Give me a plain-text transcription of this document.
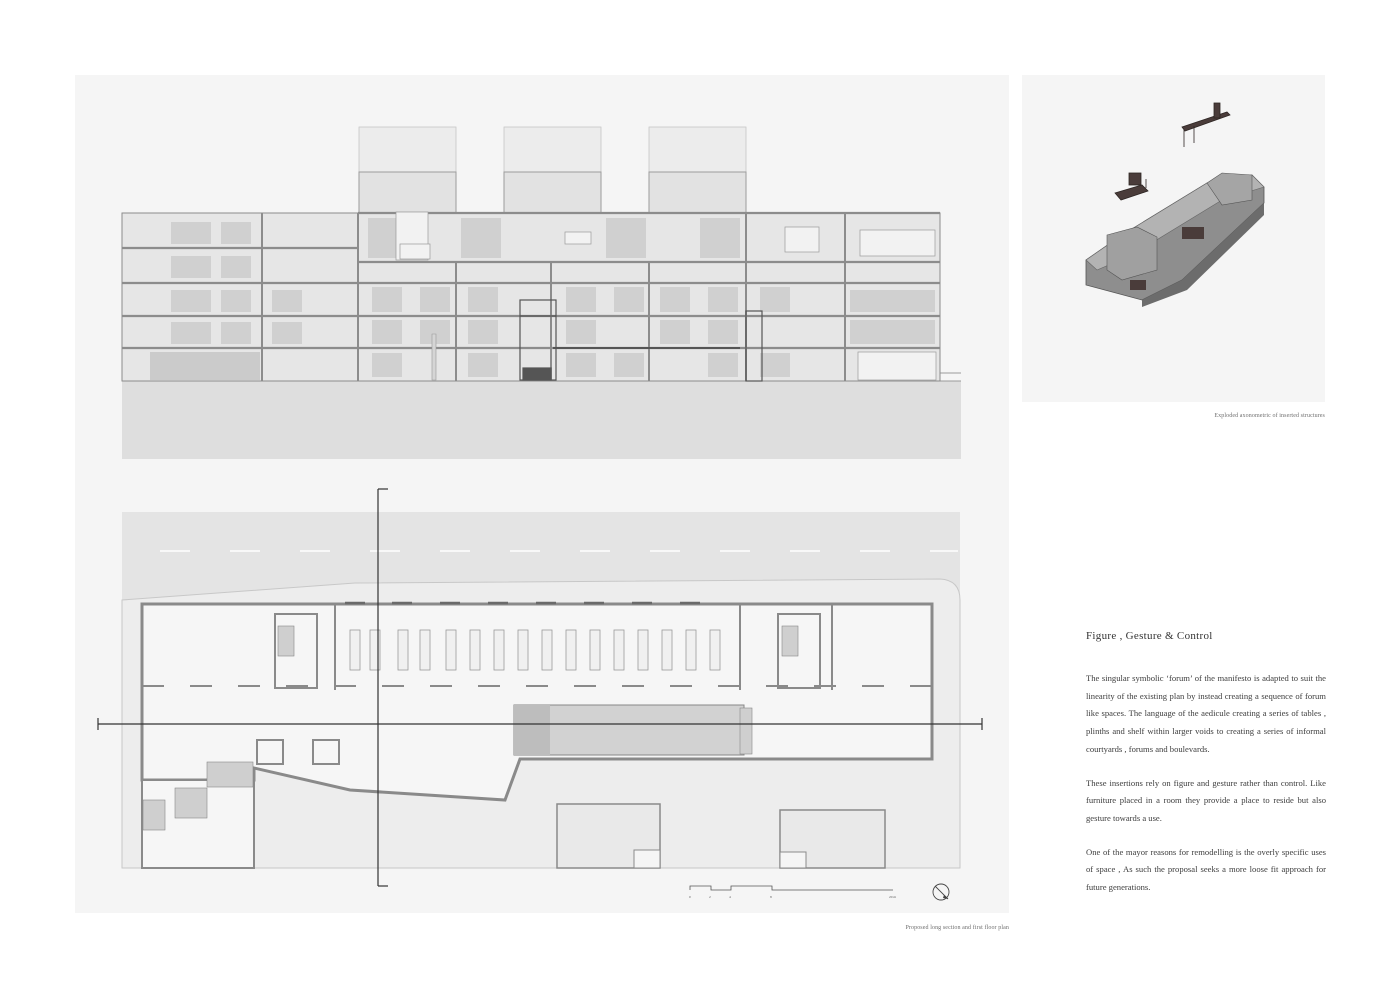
0	2	4	8	20 m
Exploded axonometric of inserted structures
Proposed long section and first floor plan
Figure , Gesture & Control

The singular symbolic ‘forum’ of the manifesto is adapted to suit the linearity of the existing plan by instead creating a sequence of forum like spaces. The language of the aedicule creating a series of tables , plinths and shelf within larger voids to creating a series of informal courtyards , forums and boulevards.

These insertions rely on figure and gesture rather than control. Like furniture placed in a room they provide a place to reside but also gesture towards a use.

One of the mayor reasons for remodelling is the overly specific uses of space , As such the proposal seeks a more loose fit approach for future generations.
